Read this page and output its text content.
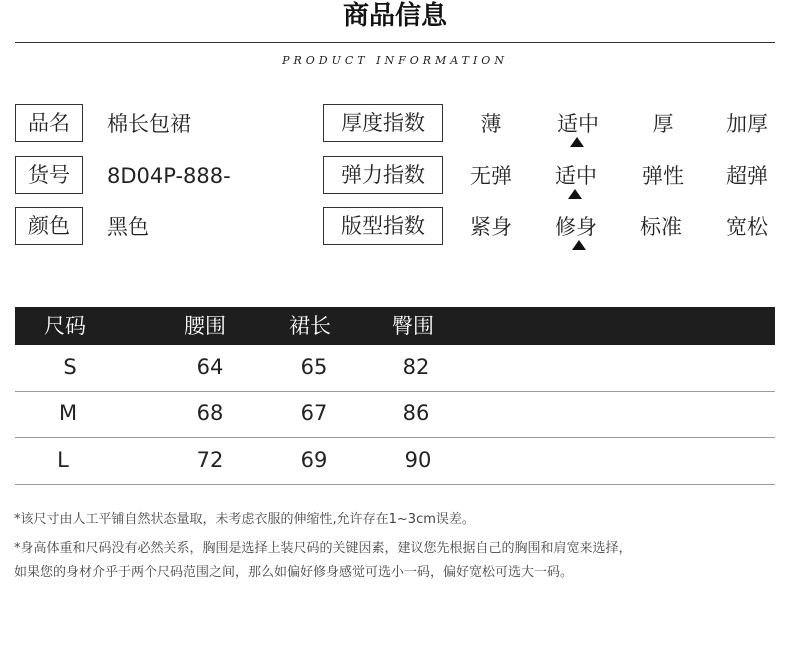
商品信息
PRODUCT INFORMATION
品名	棉长包裙
货号	8D04P-888-
颜色	黑色
厚度指数	薄	适中	厚	加厚
弹力指数	无弹	适中	弹性	超弹
版型指数	紧身	修身	标准	宽松
尺码	腰围	裙长	臀围
S	64	65	82
M	68	67	86
L	72	69	90
*该尺寸由人工平铺自然状态量取，未考虑衣服的伸缩性,允许存在1~3cm误差。
*身高体重和尺码没有必然关系，胸围是选择上装尺码的关键因素，建议您先根据自己的胸围和肩宽来选择，
如果您的身材介乎于两个尺码范围之间，那么如偏好修身感觉可选小一码，偏好宽松可选大一码。
